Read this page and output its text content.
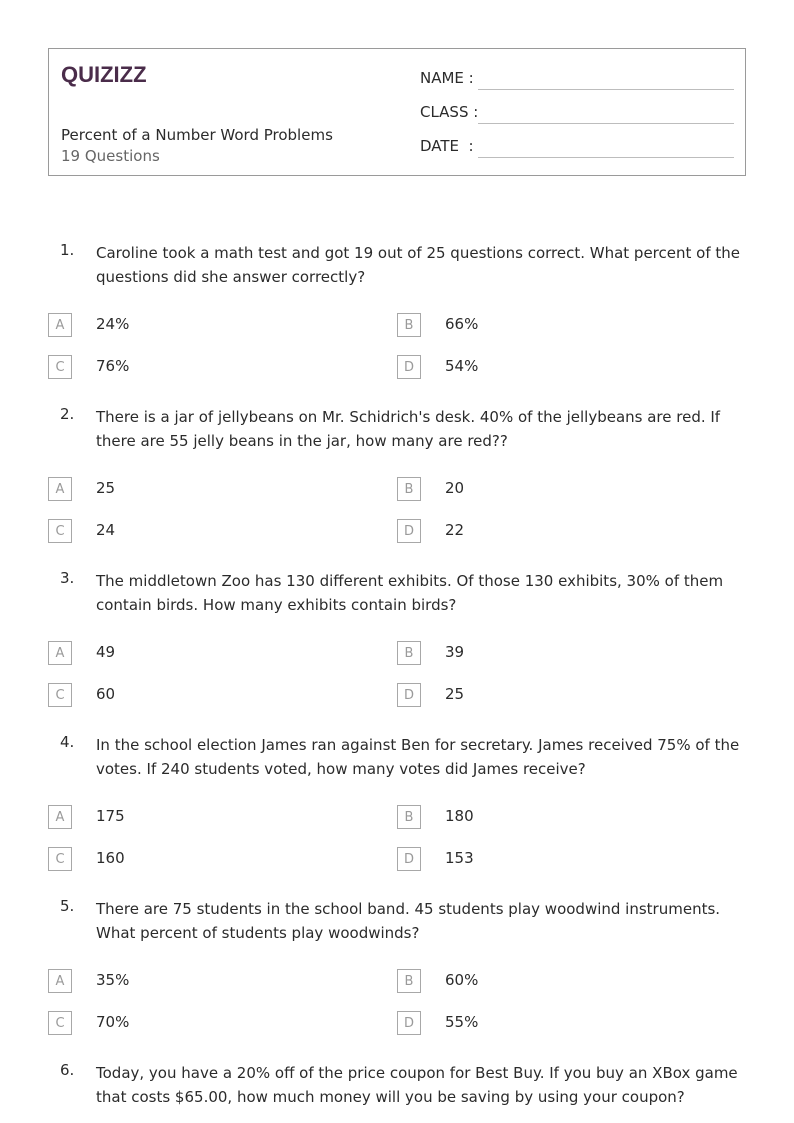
QUIZIZZ
Percent of a Number Word Problems
19 Questions
NAME :
CLASS :
DATE  :
1. Caroline took a math test and got 19 out of 25 questions correct. What percent of the questions did she answer correctly?
A	24%	B	66%
C	76%	D	54%
2. There is a jar of jellybeans on Mr. Schidrich's desk. 40% of the jellybeans are red. If there are 55 jelly beans in the jar, how many are red??
A	25	B	20
C	24	D	22
3. The middletown Zoo has 130 different exhibits. Of those 130 exhibits, 30% of them contain birds. How many exhibits contain birds?
A	49	B	39
C	60	D	25
4. In the school election James ran against Ben for secretary. James received 75% of the votes. If 240 students voted, how many votes did James receive?
A	175	B	180
C	160	D	153
5. There are 75 students in the school band. 45 students play woodwind instruments. What percent of students play woodwinds?
A	35%	B	60%
C	70%	D	55%
6. Today, you have a 20% off of the price coupon for Best Buy. If you buy an XBox game that costs $65.00, how much money will you be saving by using your coupon?
